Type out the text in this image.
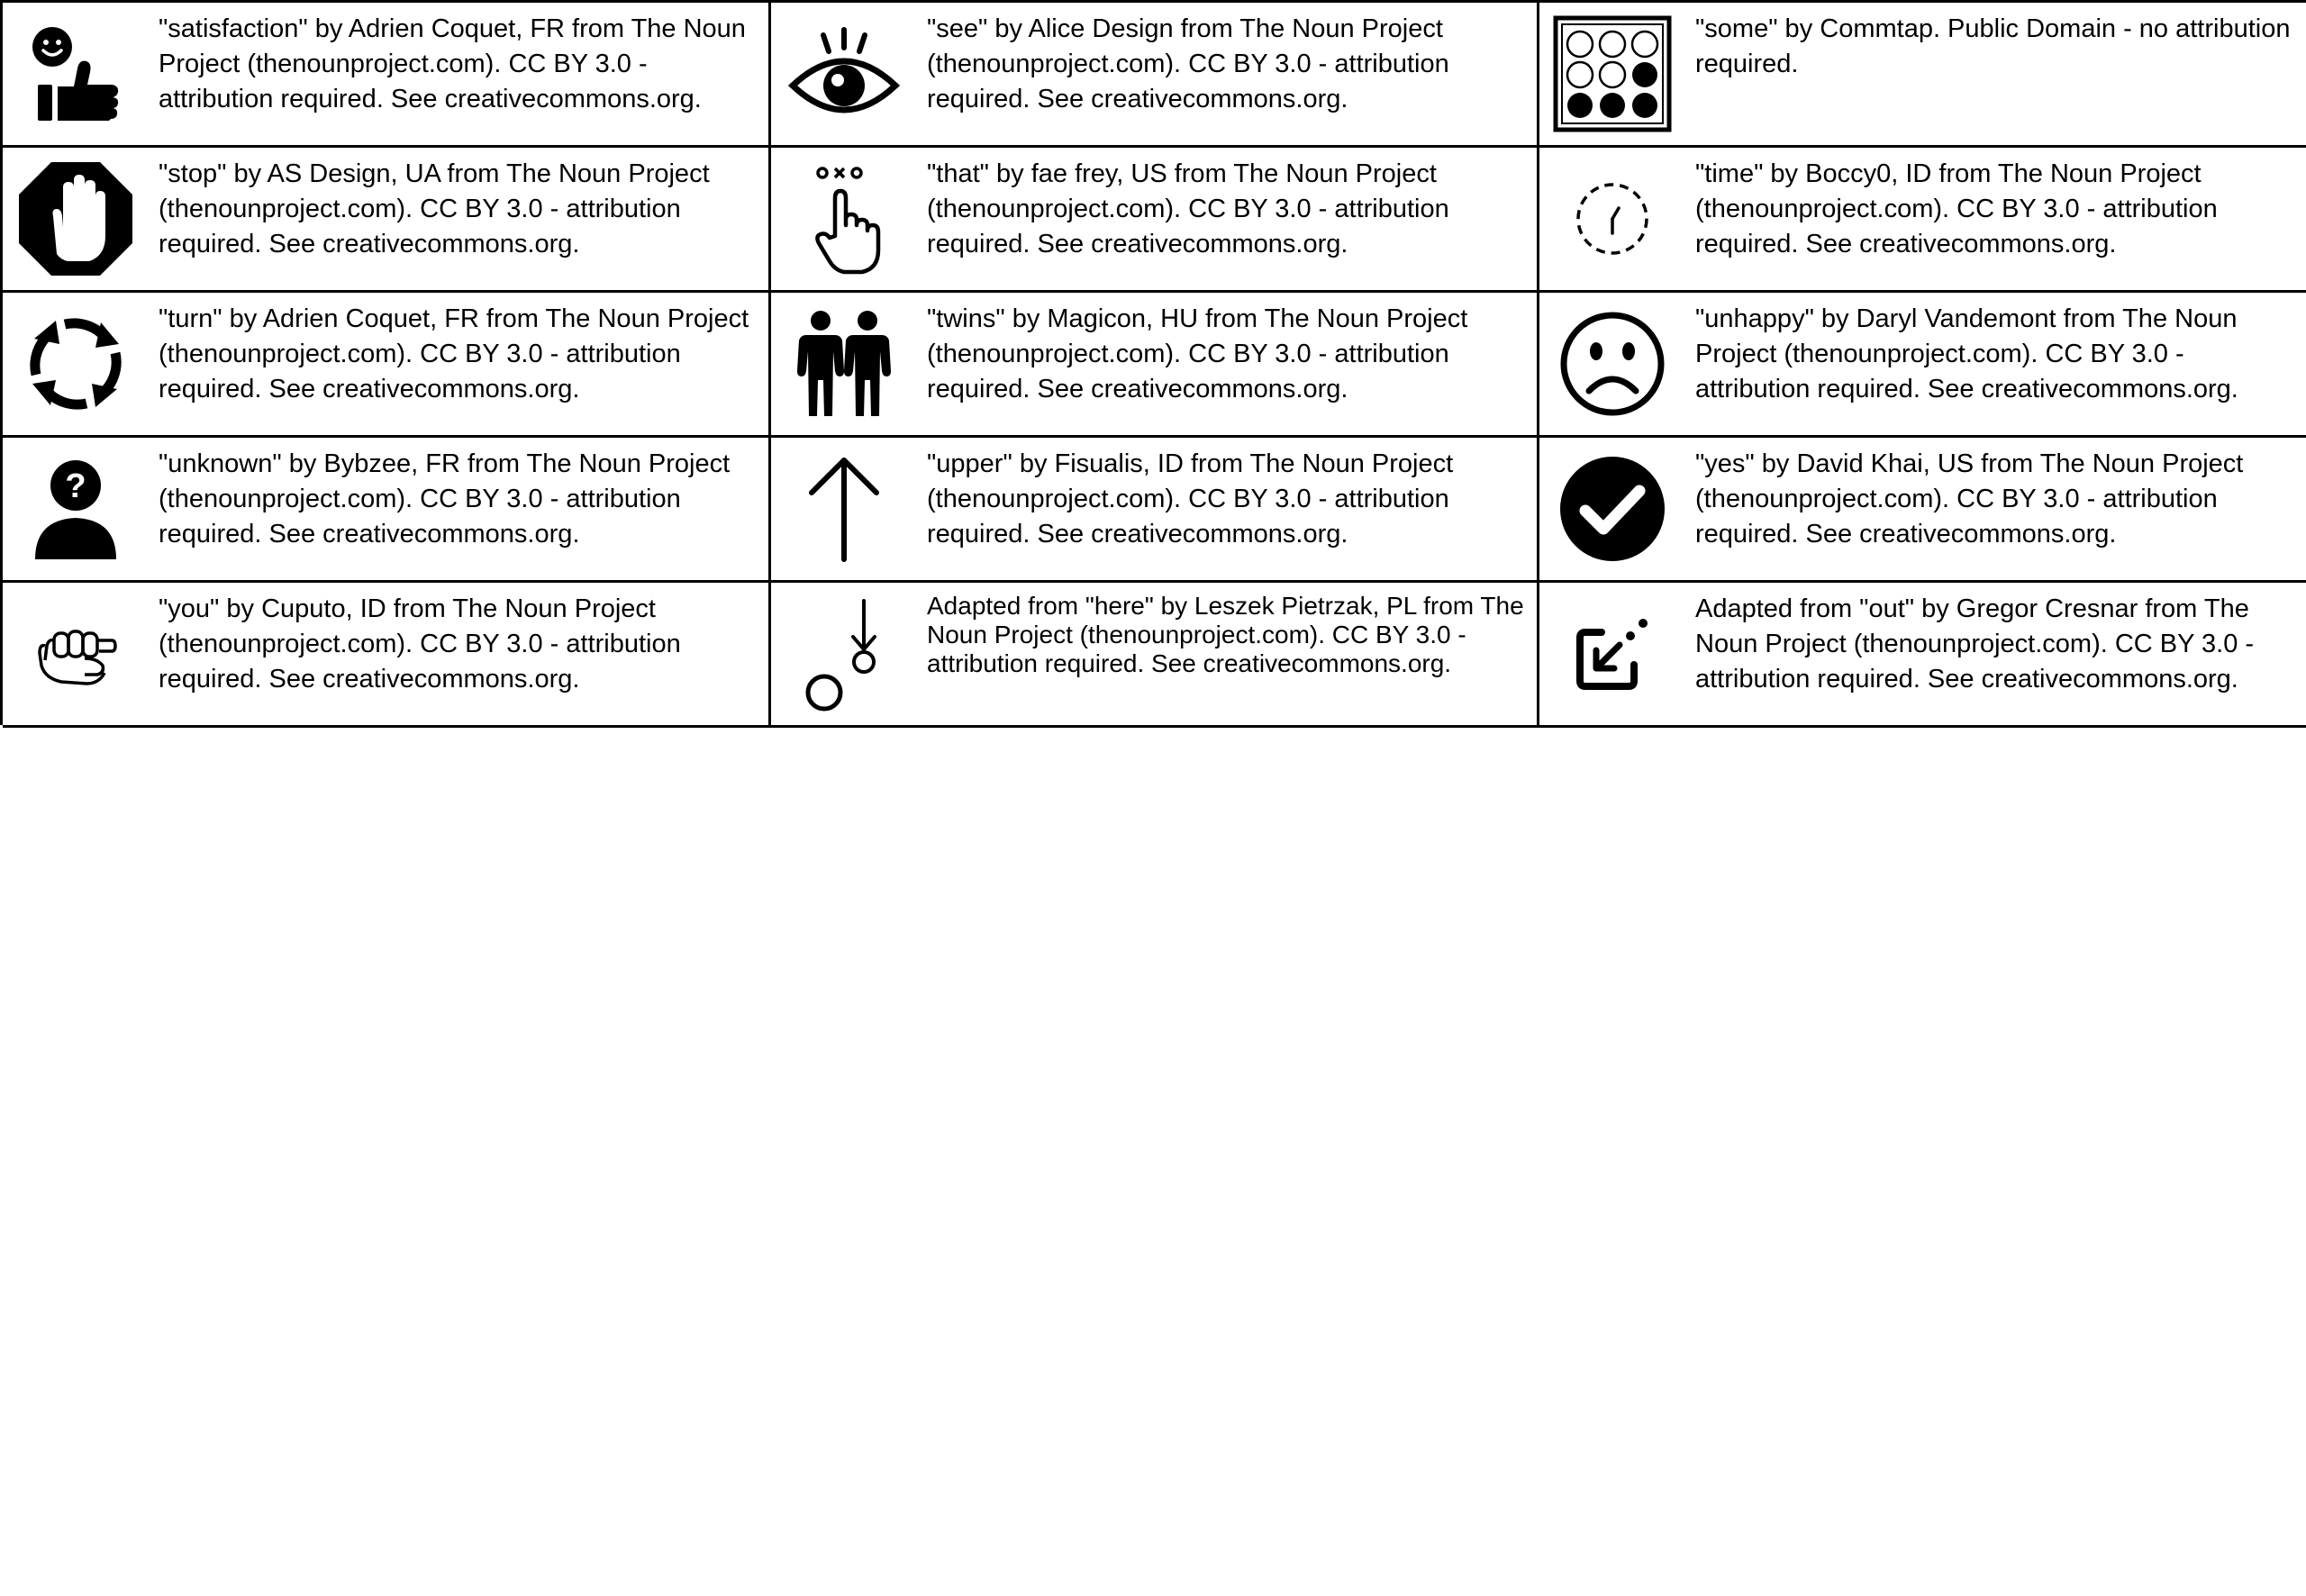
"satisfaction" by Adrien Coquet, FR from The Noun Project (thenounproject.com). CC BY 3.0 - attribution required. See creativecommons.org.
"see" by Alice Design from The Noun Project (thenounproject.com). CC BY 3.0 - attribution required. See creativecommons.org.
"some" by Commtap. Public Domain - no attribution required.
"stop" by AS Design, UA from The Noun Project (thenounproject.com). CC BY 3.0 - attribution required. See creativecommons.org.
"that" by fae frey, US from The Noun Project (thenounproject.com). CC BY 3.0 - attribution required. See creativecommons.org.
"time" by Boccy0, ID from The Noun Project (thenounproject.com). CC BY 3.0 - attribution required. See creativecommons.org.
"turn" by Adrien Coquet, FR from The Noun Project (thenounproject.com). CC BY 3.0 - attribution required. See creativecommons.org.
"twins" by Magicon, HU from The Noun Project (thenounproject.com). CC BY 3.0 - attribution required. See creativecommons.org.
"unhappy" by Daryl Vandemont from The Noun Project (thenounproject.com). CC BY 3.0 - attribution required. See creativecommons.org.
?
"unknown" by Bybzee, FR from The Noun Project (thenounproject.com). CC BY 3.0 - attribution required. See creativecommons.org.
"upper" by Fisualis, ID from The Noun Project (thenounproject.com). CC BY 3.0 - attribution required. See creativecommons.org.
"yes" by David Khai, US from The Noun Project (thenounproject.com). CC BY 3.0 - attribution required. See creativecommons.org.
"you" by Cuputo, ID from The Noun Project (thenounproject.com). CC BY 3.0 - attribution required. See creativecommons.org.
Adapted from "here" by Leszek Pietrzak, PL from The Noun Project (thenounproject.com). CC BY 3.0 - attribution required. See creativecommons.org.
Adapted from "out" by Gregor Cresnar from The Noun Project (thenounproject.com). CC BY 3.0 - attribution required. See creativecommons.org.
